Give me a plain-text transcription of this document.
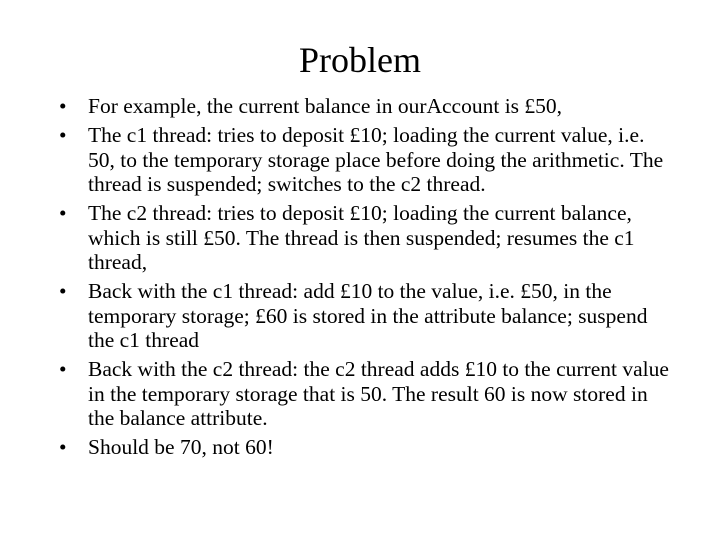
Problem
• For example, the current balance in ourAccount is £50,
• The c1 thread: tries to deposit £10; loading the current value, i.e. 50, to the temporary storage place before doing the arithmetic. The thread is suspended; switches to the c2 thread.
• The c2 thread: tries to deposit £10; loading the current balance, which is still £50. The thread is then suspended; resumes the c1 thread,
• Back with the c1 thread: add £10 to the value, i.e. £50, in the temporary storage; £60 is stored in the attribute balance; suspend the c1 thread
• Back with the c2 thread: the c2 thread adds £10 to the current value in the temporary storage that is 50. The result 60 is now stored in the balance attribute.
• Should be 70, not 60!
